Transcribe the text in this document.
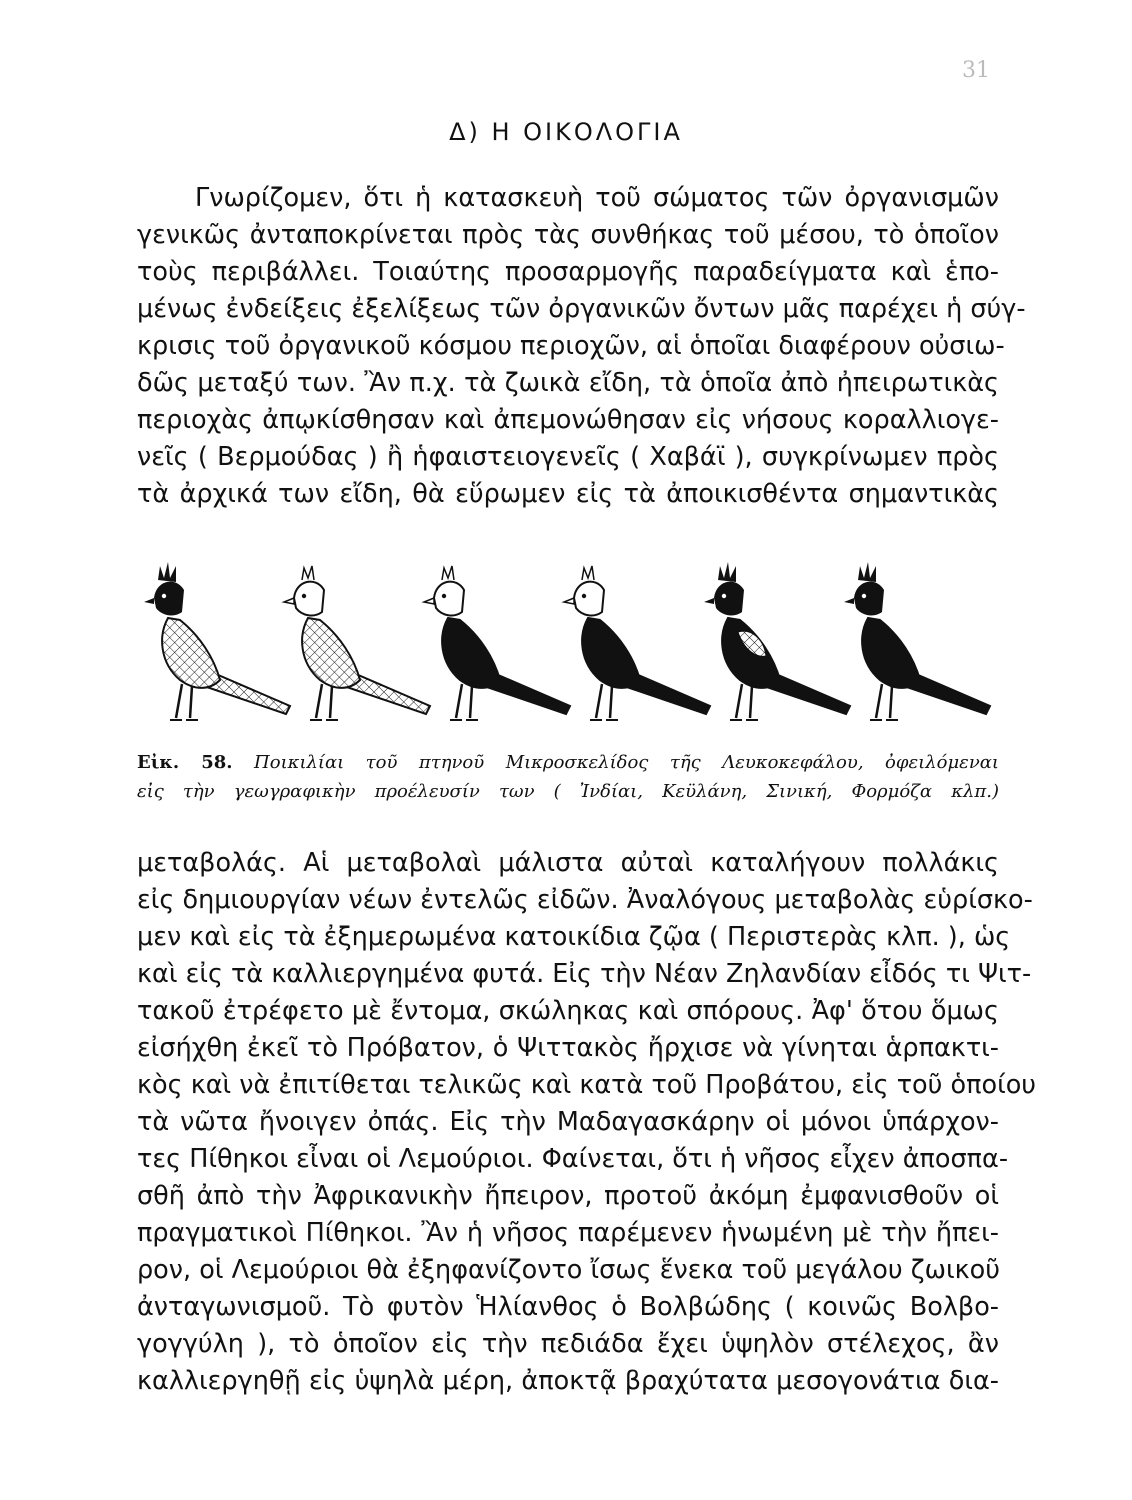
31
Δ) Η ΟΙΚΟΛΟΓΙΑ
Γνωρίζομεν, ὅτι ἡ κατασκευὴ τοῦ σώματος τῶν ὀργανισμῶν
γενικῶς ἀνταποκρίνεται πρὸς τὰς συνθήκας τοῦ μέσου, τὸ ὁποῖον
τοὺς περιβάλλει. Τοιαύτης προσαρμογῆς παραδείγματα καὶ ἑπο-
μένως ἐνδείξεις ἐξελίξεως τῶν ὀργανικῶν ὄντων μᾶς παρέχει ἡ σύγ-
κρισις τοῦ ὀργανικοῦ κόσμου περιοχῶν, αἱ ὁποῖαι διαφέρουν οὐσιω-
δῶς μεταξύ των. Ἂν π.χ. τὰ ζωικὰ εἴδη, τὰ ὁποῖα ἀπὸ ἠπειρωτικὰς
περιοχὰς ἀπῳκίσθησαν καὶ ἀπεμονώθησαν εἰς νήσους κοραλλιογε-
νεῖς ( Βερμούδας ) ἢ ἡφαιστειογενεῖς ( Χαβάϊ ), συγκρίνωμεν πρὸς
τὰ ἀρχικά των εἴδη, θὰ εὕρωμεν εἰς τὰ ἀποικισθέντα σημαντικὰς
Εἰκ. 58. Ποικιλίαι τοῦ πτηνοῦ Μικροσκελίδος τῆς Λευκοκεφάλου, ὀφειλόμεναι
εἰς τὴν γεωγραφικὴν προέλευσίν των ( Ἰνδίαι, Κεϋλάνη, Σινική, Φορμόζα κλπ.)
μεταβολάς. Αἱ μεταβολαὶ μάλιστα αὐταὶ καταλήγουν πολλάκις
εἰς δημιουργίαν νέων ἐντελῶς εἰδῶν. Ἀναλόγους μεταβολὰς εὑρίσκο-
μεν καὶ εἰς τὰ ἐξημερωμένα κατοικίδια ζῷα ( Περιστερὰς κλπ. ), ὡς
καὶ εἰς τὰ καλλιεργημένα φυτά. Εἰς τὴν Νέαν Ζηλανδίαν εἶδός τι Ψιτ-
τακοῦ ἐτρέφετο μὲ ἔντομα, σκώληκας καὶ σπόρους. Ἀφ' ὅτου ὅμως
εἰσήχθη ἐκεῖ τὸ Πρόβατον, ὁ Ψιττακὸς ἤρχισε νὰ γίνηται ἁρπακτι-
κὸς καὶ νὰ ἐπιτίθεται τελικῶς καὶ κατὰ τοῦ Προβάτου, εἰς τοῦ ὁποίου
τὰ νῶτα ἤνοιγεν ὀπάς. Εἰς τὴν Μαδαγασκάρην οἱ μόνοι ὑπάρχον-
τες Πίθηκοι εἶναι οἱ Λεμούριοι. Φαίνεται, ὅτι ἡ νῆσος εἶχεν ἀποσπα-
σθῆ ἀπὸ τὴν Ἀφρικανικὴν ἤπειρον, προτοῦ ἀκόμη ἐμφανισθοῦν οἱ
πραγματικοὶ Πίθηκοι. Ἂν ἡ νῆσος παρέμενεν ἡνωμένη μὲ τὴν ἤπει-
ρον, οἱ Λεμούριοι θὰ ἐξηφανίζοντο ἴσως ἕνεκα τοῦ μεγάλου ζωικοῦ
ἀνταγωνισμοῦ. Τὸ φυτὸν Ἡλίανθος ὁ Βολβώδης ( κοινῶς Βολβο-
γογγύλη ), τὸ ὁποῖον εἰς τὴν πεδιάδα ἔχει ὑψηλὸν στέλεχος, ἂν
καλλιεργηθῇ εἰς ὑψηλὰ μέρη, ἀποκτᾷ βραχύτατα μεσογονάτια δια-
